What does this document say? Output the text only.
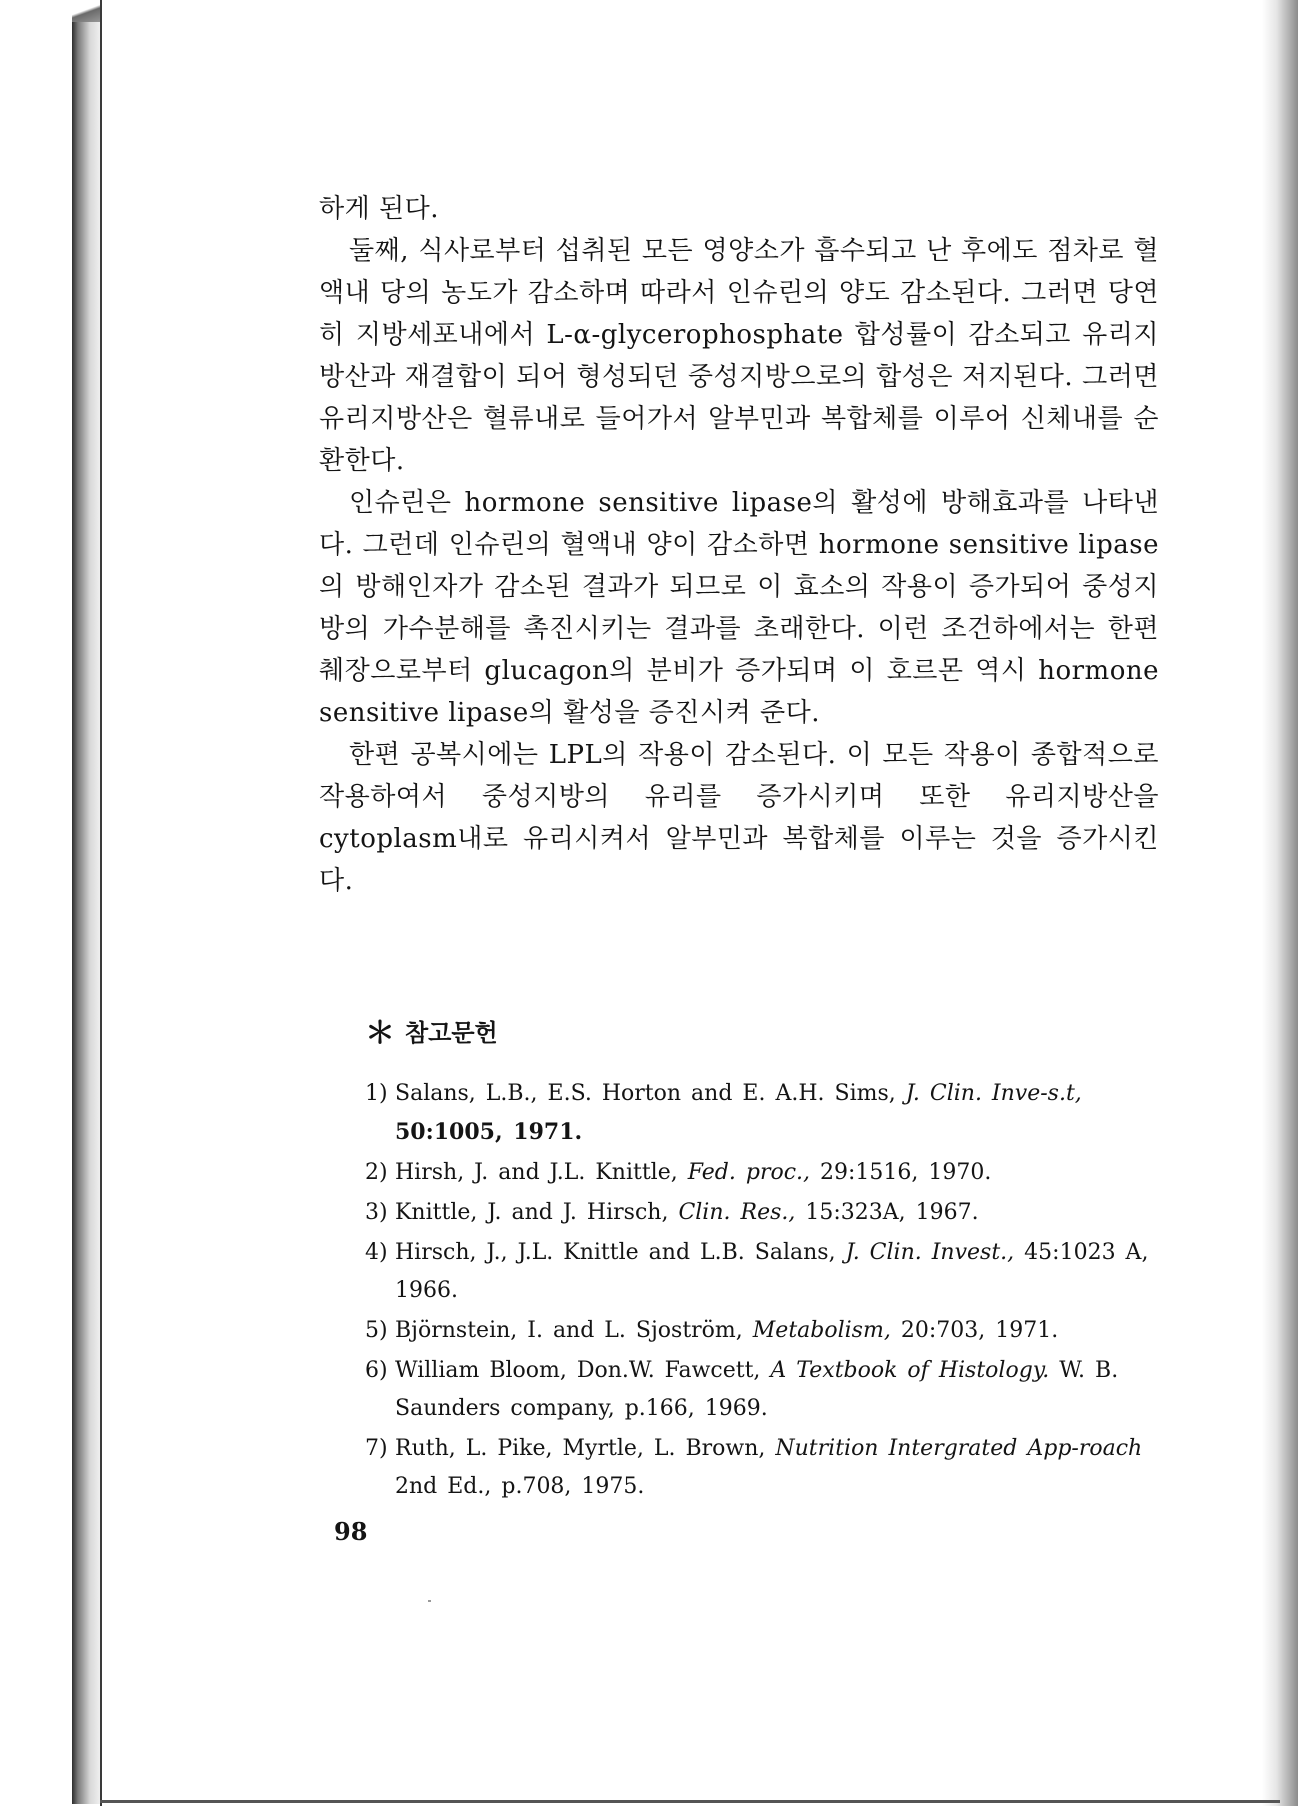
하게 된다.

둘째, 식사로부터 섭취된 모든 영양소가 흡수되고 난 후에도 점차로 혈액내 당의 농도가 감소하며 따라서 인슈린의 양도 감소된다. 그러면 당연히 지방세포내에서 L-α-glycerophosphate 합성률이 감소되고 유리지방산과 재결합이 되어 형성되던 중성지방으로의 합성은 저지된다. 그러면 유리지방산은 혈류내로 들어가서 알부민과 복합체를 이루어 신체내를 순환한다.

인슈린은 hormone sensitive lipase의 활성에 방해효과를 나타낸다. 그런데 인슈린의 혈액내 양이 감소하면 hormone sensitive lipase의 방해인자가 감소된 결과가 되므로 이 효소의 작용이 증가되어 중성지방의 가수분해를 촉진시키는 결과를 초래한다. 이런 조건하에서는 한편 췌장으로부터 glucagon의 분비가 증가되며 이 호르몬 역시 hormone sensitive lipase의 활성을 증진시켜 준다.

한편 공복시에는 LPL의 작용이 감소된다. 이 모든 작용이 종합적으로 작용하여서 중성지방의 유리를 증가시키며 또한 유리지방산을 cytoplasm내로 유리시켜서 알부민과 복합체를 이루는 것을 증가시킨다.

＊ 참고문헌

1) Salans, L.B., E.S. Horton and E. A.H. Sims, J. Clin. Inve-s.t, 50:1005, 1971.

2) Hirsh, J. and J.L. Knittle, Fed. proc., 29:1516, 1970.

3) Knittle, J. and J. Hirsch, Clin. Res., 15:323A, 1967.

4) Hirsch, J., J.L. Knittle and L.B. Salans, J. Clin. Invest., 45:1023 A, 1966.

5) Björnstein, I. and L. Sjoström, Metabolism, 20:703, 1971.

6) William Bloom, Don.W. Fawcett, A Textbook of Histology. W. B. Saunders company, p.166, 1969.

7) Ruth, L. Pike, Myrtle, L. Brown, Nutrition Intergrated App-roach 2nd Ed., p.708, 1975.

98
